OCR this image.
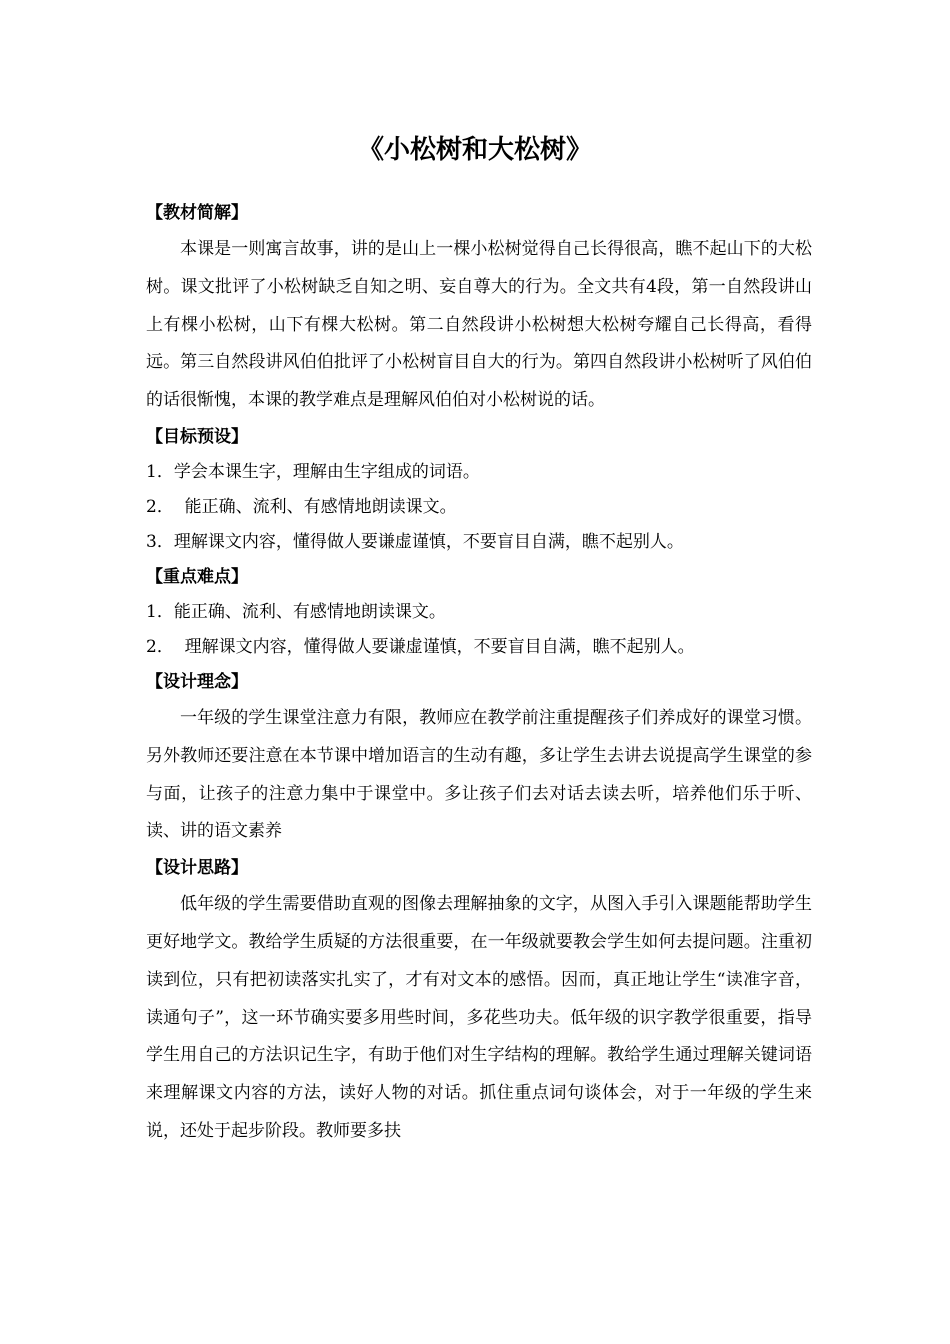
《小松树和大松树》
【教材简解】

本课是一则寓言故事，讲的是山上一棵小松树觉得自己长得很高，瞧不起山下的大松树。课文批评了小松树缺乏自知之明、妄自尊大的行为。全文共有4段，第一自然段讲山上有棵小松树，山下有棵大松树。第二自然段讲小松树想大松树夸耀自己长得高，看得远。第三自然段讲风伯伯批评了小松树盲目自大的行为。第四自然段讲小松树听了风伯伯的话很惭愧，本课的教学难点是理解风伯伯对小松树说的话。

【目标预设】
1．学会本课生字，理解由生字组成的词语。
2．  能正确、流利、有感情地朗读课文。
3．理解课文内容，懂得做人要谦虚谨慎，不要盲目自满，瞧不起别人。
【重点难点】
1．能正确、流利、有感情地朗读课文。
2．  理解课文内容，懂得做人要谦虚谨慎，不要盲目自满，瞧不起别人。
【设计理念】

一年级的学生课堂注意力有限，教师应在教学前注重提醒孩子们养成好的课堂习惯。另外教师还要注意在本节课中增加语言的生动有趣，多让学生去讲去说提高学生课堂的参与面，让孩子的注意力集中于课堂中。多让孩子们去对话去读去听，培养他们乐于听、读、讲的语文素养

【设计思路】

低年级的学生需要借助直观的图像去理解抽象的文字，从图入手引入课题能帮助学生更好地学文。教给学生质疑的方法很重要，在一年级就要教会学生如何去提问题。注重初读到位，只有把初读落实扎实了，才有对文本的感悟。因而，真正地让学生“读准字音，读通句子”，这一环节确实要多用些时间，多花些功夫。低年级的识字教学很重要，指导学生用自己的方法识记生字，有助于他们对生字结构的理解。教给学生通过理解关键词语来理解课文内容的方法，读好人物的对话。抓住重点词句谈体会，对于一年级的学生来说，还处于起步阶段。教师要多扶
